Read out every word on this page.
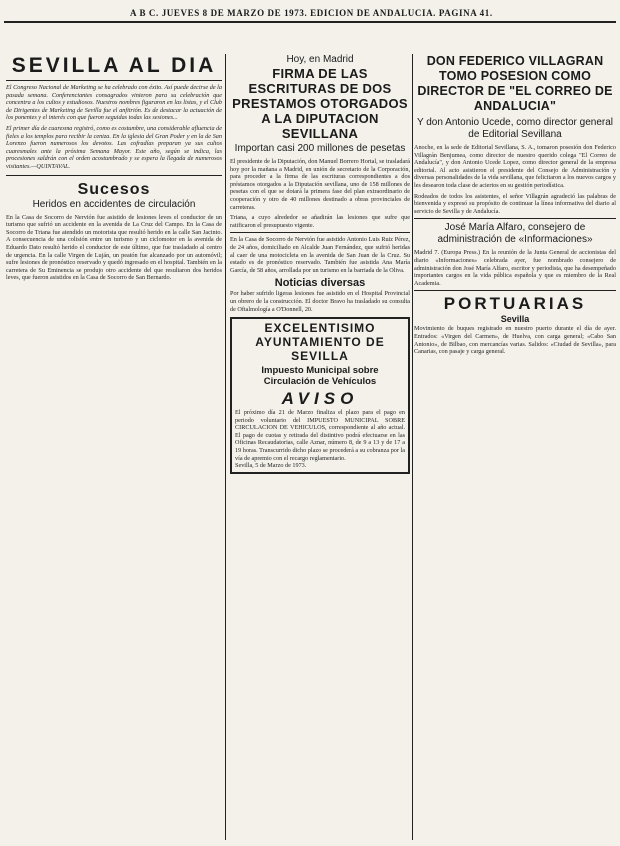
A B C. JUEVES 8 DE MARZO DE 1973. EDICION DE ANDALUCIA. PAGINA 41.
SEVILLA AL DIA
El Congreso Nacional de Marketing se ha celebrado con éxito. Así puede decirse de la pasada semana. Conferenciantes consagrados vinieron para su celebración que concentra a los cultos y estudiosos. Nuestros nombres figuraron en las listas, y el Club de Dirigentes de Marketing de Sevilla fue el anfitrión. Es de destacar la actuación de los ponentes y el interés con que fueron seguidas todas las sesiones...
El primer día de cuaresma registró, como es costumbre, una considerable afluencia de fieles a los templos para recibir la ceniza. En la iglesia del Gran Poder y en la de San Lorenzo fueron numerosos los devotos. Las cofradías preparan ya sus cultos cuaresmales ante la próxima Semana Mayor. Este año, según se indica, las procesiones saldrán con el orden acostumbrado y se espera la llegada de numerosos visitantes.—QUINTAVAL.
Sucesos
Heridos en accidentes de circulación
En la Casa de Socorro de Nervión fue asistido de lesiones leves el conductor de un turismo que sufrió un accidente en la avenida de La Cruz del Campo. En la Casa de Socorro de Triana fue atendido un motorista que resultó herido en la calle San Jacinto. A consecuencia de una colisión entre un turismo y un ciclomotor en la avenida de Eduardo Dato resultó herido el conductor de este último, que fue trasladado al centro de urgencia. En la calle Virgen de Luján, un peatón fue alcanzado por un automóvil; sufre lesiones de pronóstico reservado y quedó ingresado en el hospital. También en la carretera de Su Eminencia se produjo otro accidente del que resultaron dos heridos leves, que fueron asistidos en la Casa de Socorro de San Bernardo.
Hoy, en Madrid
FIRMA DE LAS ESCRITURAS DE DOS PRESTAMOS OTORGADOS A LA DIPUTACION SEVILLANA
Importan casi 200 millones de pesetas
El presidente de la Diputación, don Manuel Borrero Hortal, se trasladará hoy por la mañana a Madrid, en unión de secretario de la Corporación, para proceder a la firma de las escrituras correspondientes a dos préstamos otorgados a la Diputación sevillana, uno de 158 millones de pesetas con el que se dotará la primera fase del plan extraordinario de cooperación y otro de 40 millones destinado a obras provinciales de carreteras.
Triana, a cuyo alrededor se añadirán las lesiones que sufre que ratificaron el presupuesto vigente.
En la Casa de Socorro de Nervión fue asistido Antonio Luis Ruiz Pérez, de 24 años, domiciliado en Alcalde Juan Fernández, que sufrió heridas al caer de una motocicleta en la avenida de San Juan de la Cruz. Su estado es de pronóstico reservado. También fue asistida Ana María García, de 58 años, arrollada por un turismo en la barriada de la Oliva.
Noticias diversas
Por haber sufrido ligeras lesiones fue asistido en el Hospital Provincial un obrero de la construcción. El doctor Bravo ha trasladado su consulta de Oftalmología a O'Donnell, 20.
EXCELENTISIMO AYUNTAMIENTO DE SEVILLA
Impuesto Municipal sobre Circulación de Vehículos
AVISO
El próximo día 21 de Marzo finaliza el plazo para el pago en periodo voluntario del IMPUESTO MUNICIPAL SOBRE CIRCULACION DE VEHICULOS, correspondiente al año actual. El pago de cuotas y retirada del distintivo podrá efectuarse en las Oficinas Recaudatorias, calle Aznar, número 8, de 9 a 13 y de 17 a 19 horas. Transcurrido dicho plazo se procederá a su cobranza por la vía de apremio con el recargo reglamentario.
Sevilla, 5 de Marzo de 1973.
DON FEDERICO VILLAGRAN TOMO POSESION COMO DIRECTOR DE "EL CORREO DE ANDALUCIA"
Y don Antonio Ucede, como director general de Editorial Sevillana
Anoche, en la sede de Editorial Sevillana, S. A., tomaron posesión don Federico Villagrán Benjumea, como director de nuestro querido colega "El Correo de Andalucía", y don Antonio Ucede Lopez, como director general de la empresa editorial. Al acto asistieron el presidente del Consejo de Administración y diversas personalidades de la vida sevillana, que felicitaron a los nuevos cargos y les desearon toda clase de aciertos en su gestión periodística.
Rodeados de todos los asistentes, el señor Villagrán agradeció las palabras de bienvenida y expresó su propósito de continuar la línea informativa del diario al servicio de Sevilla y de Andalucía.
José María Alfaro, consejero de administración de «Informaciones»
Madrid 7. (Europa Press.) En la reunión de la Junta General de accionistas del diario «Informaciones» celebrada ayer, fue nombrado consejero de administración don José María Alfaro, escritor y periodista, que ha desempeñado importantes cargos en la vida pública española y que es miembro de la Real Academia.
PORTUARIAS
Sevilla
Movimiento de buques registrado en nuestro puerto durante el día de ayer. Entrados: «Virgen del Carmen», de Huelva, con carga general; «Cabo San Antonio», de Bilbao, con mercancías varias. Salidos: «Ciudad de Sevilla», para Canarias, con pasaje y carga general.
